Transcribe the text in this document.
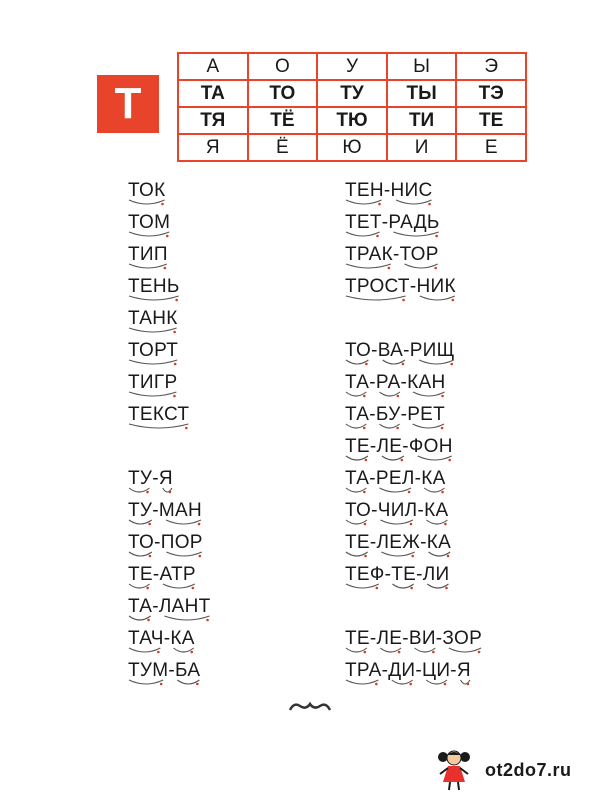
Т
А	О	У	Ы	Э
ТА	ТО	ТУ	ТЫ	ТЭ
ТЯ	ТЁ	ТЮ	ТИ	ТЕ
Я	Ё	Ю	И	Е
ТОК
ТОМ
ТИП
ТЕНЬ
ТАНК
ТОРТ
ТИГР
ТЕКСТ
ТУ-Я
ТУ-МАН
ТО-ПОР
ТЕ-АТР
ТА-ЛАНТ
ТАЧ-КА
ТУМ-БА
ТЕН-НИС
ТЕТ-РАДЬ
ТРАК-ТОР
ТРОСТ-НИК
ТО-ВА-РИЩ
ТА-РА-КАН
ТА-БУ-РЕТ
ТЕ-ЛЕ-ФОН
ТА-РЕЛ-КА
ТО-ЧИЛ-КА
ТЕ-ЛЕЖ-КА
ТЕФ-ТЕ-ЛИ
ТЕ-ЛЕ-ВИ-ЗОР
ТРА-ДИ-ЦИ-Я
ot2do7.ru
